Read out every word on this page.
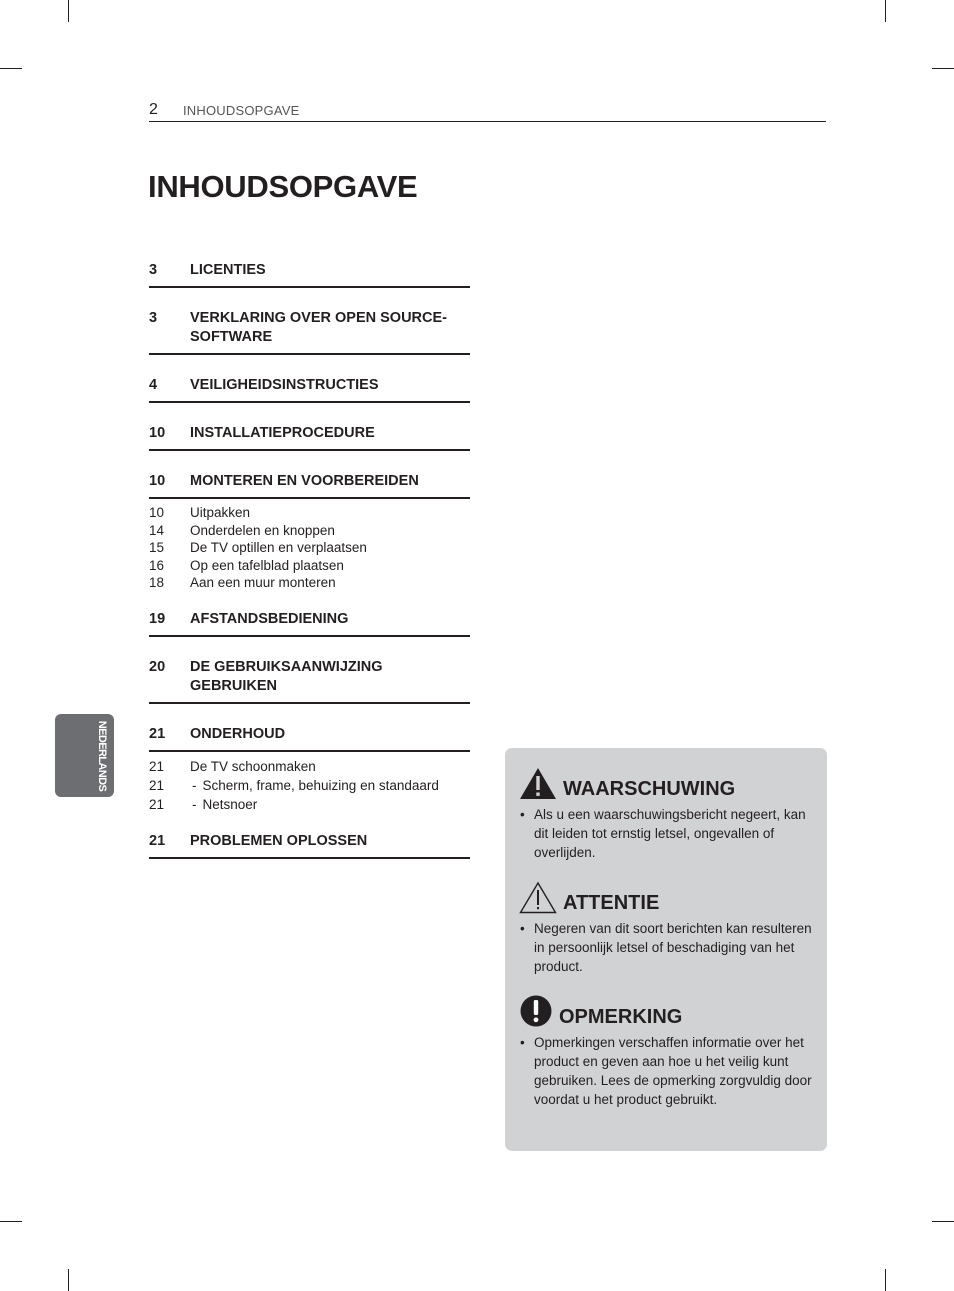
2 INHOUDSOPGAVE
INHOUDSOPGAVE
3	LICENTIES
3	VERKLARING OVER OPEN SOURCE-SOFTWARE
4	VEILIGHEIDSINSTRUCTIES
10	INSTALLATIEPROCEDURE
10	MONTEREN EN VOORBEREIDEN
10	Uitpakken
14	Onderdelen en knoppen
15	De TV optillen en verplaatsen
16	Op een tafelblad plaatsen
18	Aan een muur monteren
19	AFSTANDSBEDIENING
20	DE GEBRUIKSAANWIJZING GEBRUIKEN
21	ONDERHOUD
21	De TV schoonmaken
21	- Scherm, frame, behuizing en standaard
21	- Netsnoer
21	PROBLEMEN OPLOSSEN
NEDERLANDS	WAARSCHUWING
• Als u een waarschuwingsbericht negeert, kan dit leiden tot ernstig letsel, ongevallen of overlijden.
ATTENTIE
• Negeren van dit soort berichten kan resulteren in persoonlijk letsel of beschadiging van het product.
OPMERKING
• Opmerkingen verschaffen informatie over het product en geven aan hoe u het veilig kunt gebruiken. Lees de opmerking zorgvuldig door voordat u het product gebruikt.
